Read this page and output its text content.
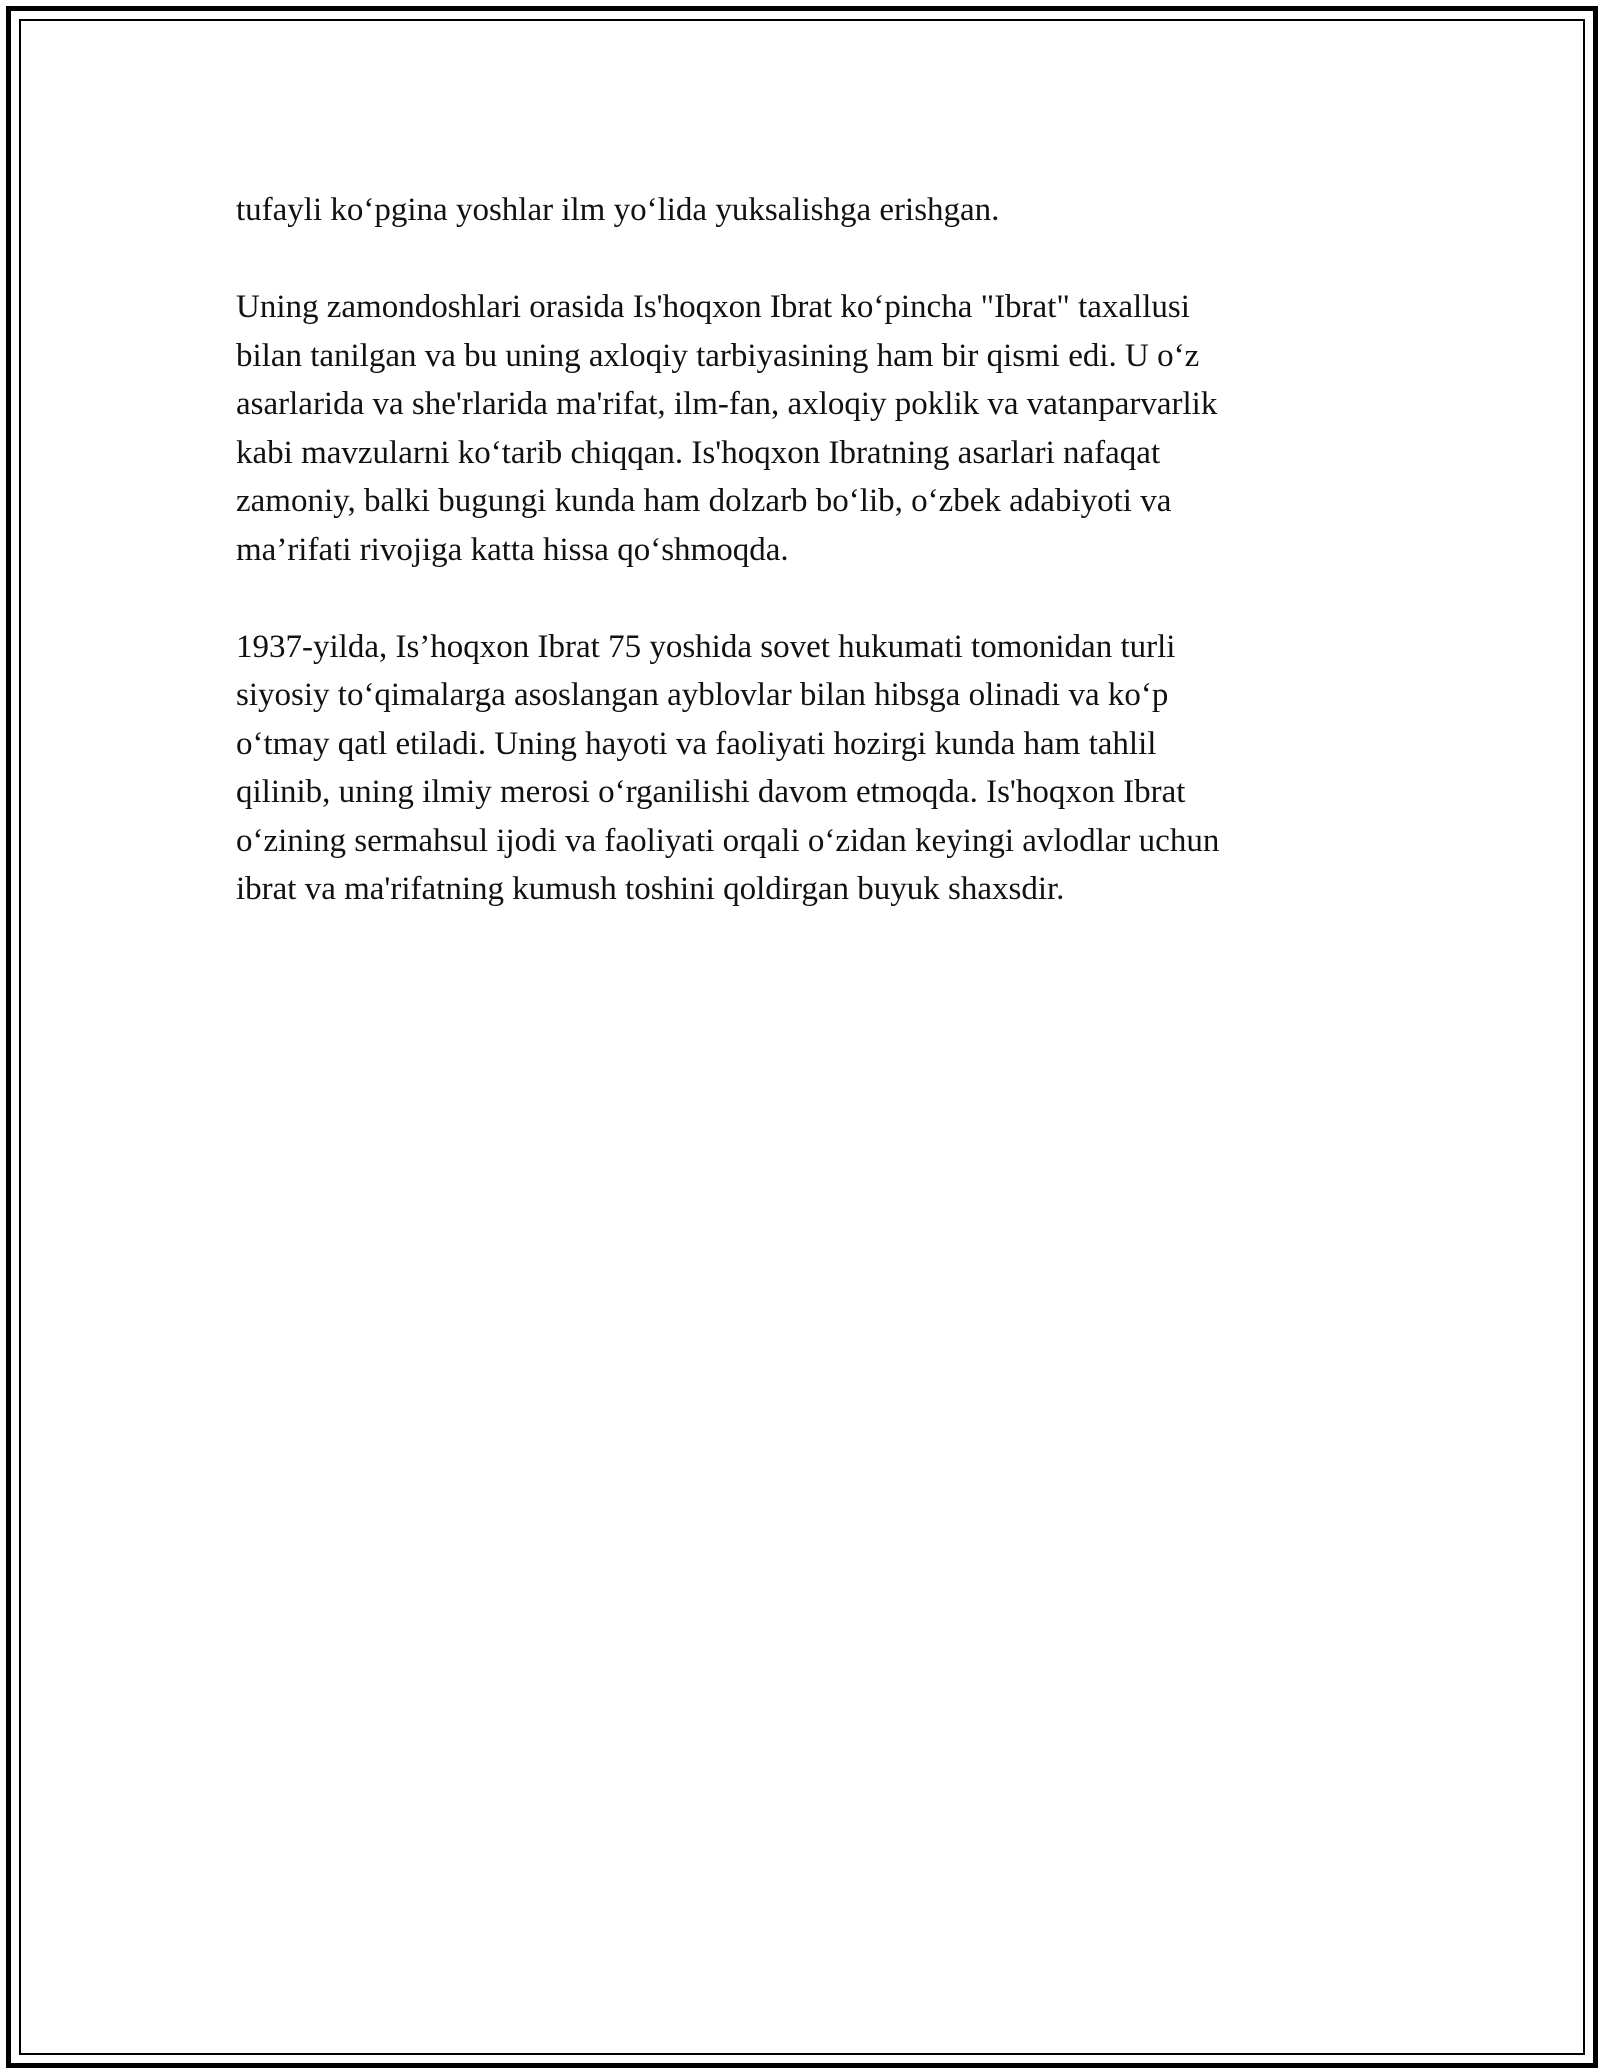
tufayli ko‘pgina yoshlar ilm yo‘lida yuksalishga erishgan.

Uning zamondoshlari orasida Is'hoqxon Ibrat ko‘pincha "Ibrat" taxallusi
bilan tanilgan va bu uning axloqiy tarbiyasining ham bir qismi edi. U o‘z
asarlarida va she'rlarida ma'rifat, ilm-fan, axloqiy poklik va vatanparvarlik
kabi mavzularni ko‘tarib chiqqan. Is'hoqxon Ibratning asarlari nafaqat
zamoniy, balki bugungi kunda ham dolzarb bo‘lib, o‘zbek adabiyoti va
ma’rifati rivojiga katta hissa qo‘shmoqda.

1937-yilda, Is’hoqxon Ibrat 75 yoshida sovet hukumati tomonidan turli
siyosiy to‘qimalarga asoslangan ayblovlar bilan hibsga olinadi va ko‘p
o‘tmay qatl etiladi. Uning hayoti va faoliyati hozirgi kunda ham tahlil
qilinib, uning ilmiy merosi o‘rganilishi davom etmoqda. Is'hoqxon Ibrat
o‘zining sermahsul ijodi va faoliyati orqali o‘zidan keyingi avlodlar uchun
ibrat va ma'rifatning kumush toshini qoldirgan buyuk shaxsdir.
